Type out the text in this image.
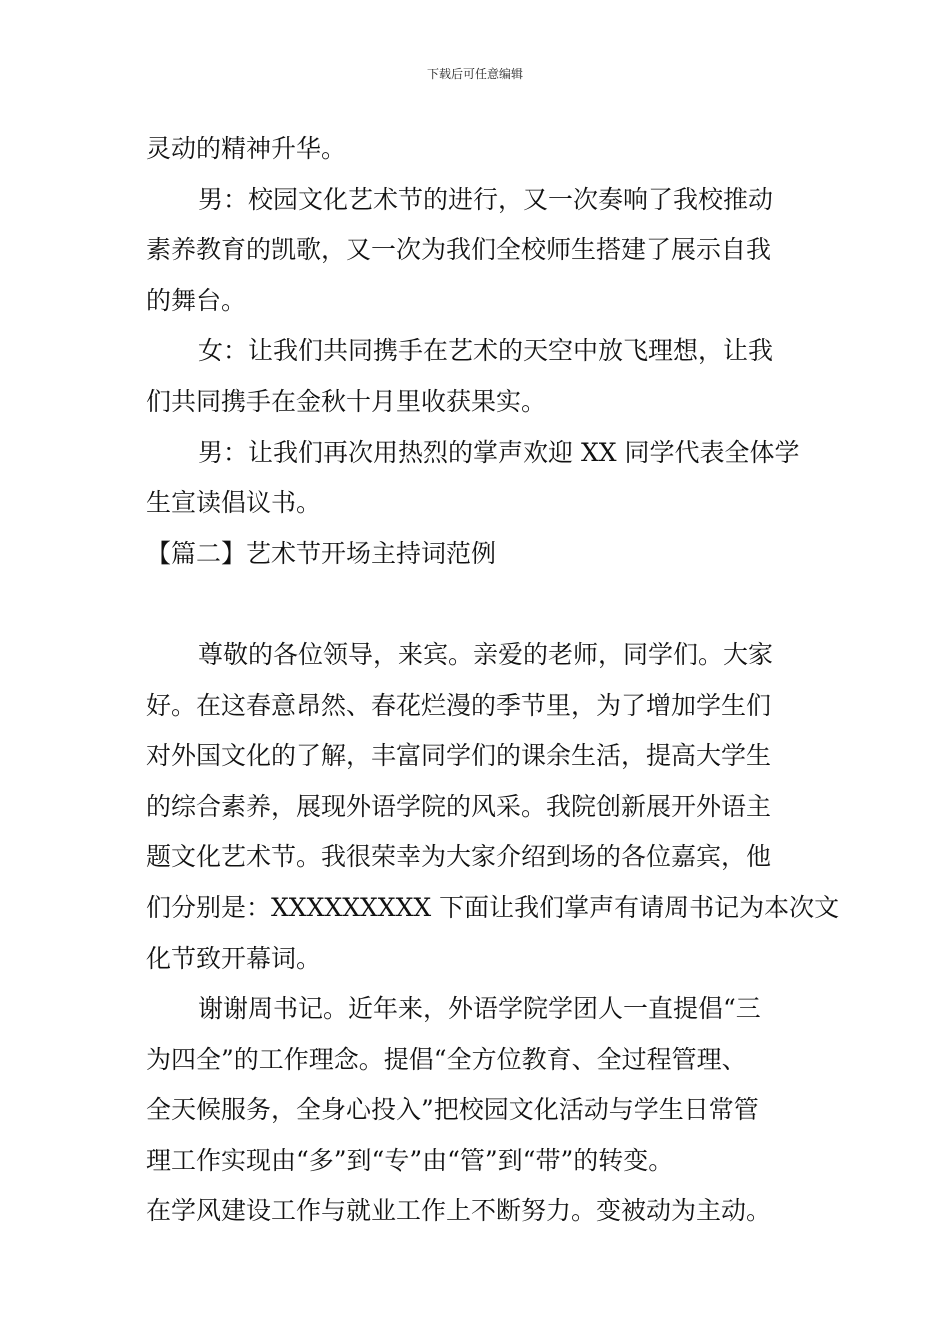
下载后可任意编辑
灵动的精神升华。
男：校园文化艺术节的进行，又一次奏响了我校推动
素养教育的凯歌，又一次为我们全校师生搭建了展示自我
的舞台。
女：让我们共同携手在艺术的天空中放飞理想，让我
们共同携手在金秋十月里收获果实。
男：让我们再次用热烈的掌声欢迎 XX 同学代表全体学
生宣读倡议书。
【篇二】艺术节开场主持词范例
尊敬的各位领导，来宾。亲爱的老师，同学们。大家
好。在这春意昂然、春花烂漫的季节里，为了增加学生们
对外国文化的了解，丰富同学们的课余生活，提高大学生
的综合素养，展现外语学院的风采。我院创新展开外语主
题文化艺术节。我很荣幸为大家介绍到场的各位嘉宾，他
们分别是：XXXXXXXXX 下面让我们掌声有请周书记为本次文
化节致开幕词。
谢谢周书记。近年来，外语学院学团人一直提倡“三
为四全”的工作理念。提倡“全方位教育、全过程管理、
全天候服务，全身心投入”把校园文化活动与学生日常管
理工作实现由“多”到“专”由“管”到“带”的转变。
在学风建设工作与就业工作上不断努力。变被动为主动。
